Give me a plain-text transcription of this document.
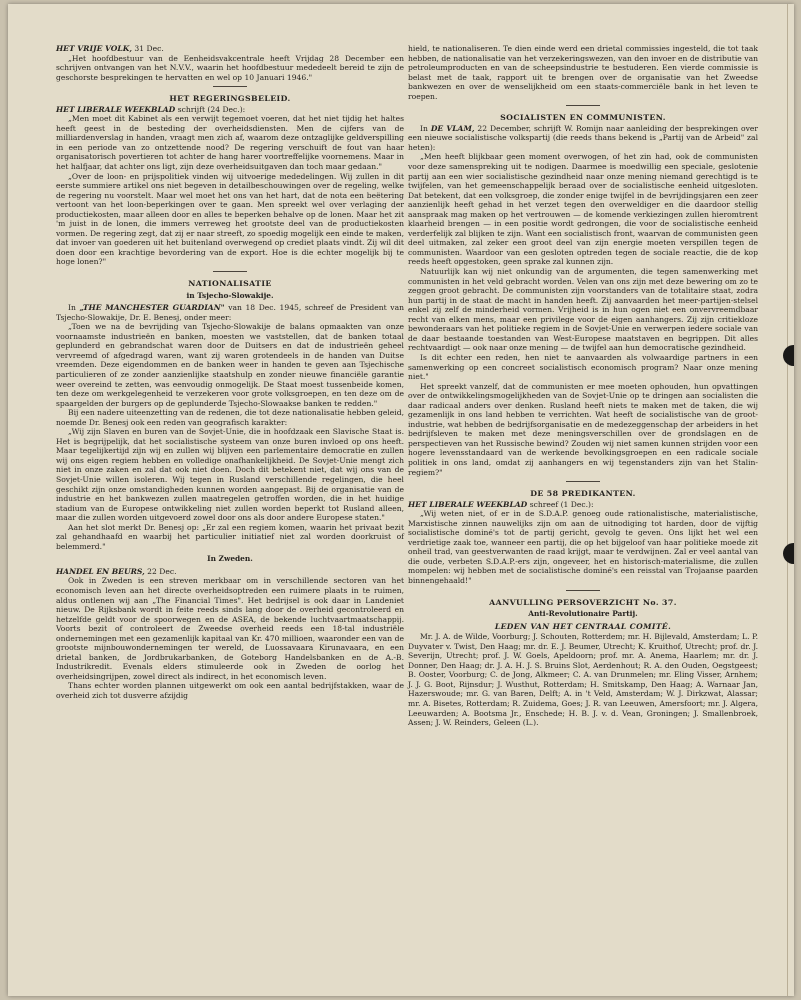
HET VRIJE VOLK, 31 Dec.

„Het hoofdbestuur van de Eenheidsvakcentrale heeft Vrijdag 28 December een schrijven ontvangen van het N.V.V., waarin het hoofdbestuur mededeelt bereid te zijn de geschorste besprekingen te hervatten en wel op 10 Januari 1946."

HET REGERINGSBELEID.

HET LIBERALE WEEKBLAD schrijft (24 Dec.):

„Men moet dit Kabinet als een verwijt tegemoet voeren, dat het niet tijdig het haltes heeft geest in de besteding der overheidsdiensten. Men de cijfers van de milliardenverslag in handen, vraagt men zich af, waarom deze ontzaglijke geldverspilling in een periode van zo ontzettende nood? De regering verschuift de fout van haar organisatorisch povertieren tot achter de hang harer voortreffelijke voornemens. Maar in het halfjaar, dat achter ons ligt, zijn deze overheidsuitgaven dan toch maar gedaan."

„Over de loon- en prijspolitiek vinden wij uitvoerige mededelingen. Wij zullen in dit eerste summiere artikel ons niet begeven in detailbeschouwingen over de regeling, welke de regering nu voorstelt. Maar wel moet het ons van het hart, dat de nota een beëtering vertoont van het loon-beperkingen over te gaan. Men spreekt wel over verlaging der productiekosten, maar alleen door en alles te beperken behalve op de lonen. Maar het zit 'm juist in de lonen, die immers verreweg het grootste deel van de productiekosten vormen. De regering zegt, dat zij er naar streeft, zo spoedig mogelijk een einde te maken, dat invoer van goederen uit het buitenland overwegend op crediet plaats vindt. Zij wil dit doen door een krachtige bevordering van de export. Hoe is die echter mogelijk bij te hoge lonen?"

NATIONALISATIE
in Tsjecho-Slowakije.

In „THE MANCHESTER GUARDIAN" van 18 Dec. 1945, schreef de President van Tsjecho-Slowakije, Dr. E. Benesj, onder meer:

„Toen we na de bevrijding van Tsjecho-Slowakije de balans opmaakten van onze voornaamste industrieën en banken, moesten we vaststellen, dat de banken totaal geplunderd en gebrandschat waren door de Duitsers en dat de industrieën geheel vervreemd of afgedragd waren, want zij waren grotendeels in de handen van Duitse vreemden. Deze eigendommen en de banken weer in handen te geven aan Tsjechische particulieren of ze zonder aanzienlijke staatshulp en zonder nieuwe financiële garantie weer overeind te zetten, was eenvoudig onmogelijk. De Staat moest tussenbeide komen, ten deze om werkgelegenheid te verzekeren voor grote volksgroepen, en ten deze om de spaargelden der burgers op de geplunderde Tsjecho-Slowaakse banken te redden."

Bij een nadere uiteenzetting van de redenen, die tot deze nationalisatie hebben geleid, noemde Dr. Benesj ook een reden van geografisch karakter:

„Wij zijn Slaven en buren van de Sovjet-Unie, die in hoofdzaak een Slavische Staat is. Het is begrijpelijk, dat het socialistische systeem van onze buren invloed op ons heeft. Maar tegelijkertijd zijn wij en zullen wij blijven een parlementaire democratie en zullen wij ons eigen regiem hebben en volledige onafhankelijkheid. De Sovjet-Unie mengt zich niet in onze zaken en zal dat ook niet doen. Doch dit betekent niet, dat wij ons van de Sovjet-Unie willen isoleren. Wij tegen in Rusland verschillende regelingen, die heel geschikt zijn onze omstandigheden kunnen worden aangepast. Bij de organisatie van de industrie en het bankwezen zullen maatregelen getroffen worden, die in het huidige stadium van de Europese ontwikkeling niet zullen worden beperkt tot Rusland alleen, maar die zullen worden uitgevoerd zowel door ons als door andere Europese staten."

Aan het slot merkt Dr. Benesj op: „Er zal een regiem komen, waarin het privaat bezit zal gehandhaafd en waarbij het particulier initiatief niet zal worden doorkruist of belemmerd."

In Zweden.

HANDEL EN BEURS, 22 Dec.

Ook in Zweden is een streven merkbaar om in verschillende sectoren van het economisch leven aan het directe overheidsoptreden een ruimere plaats in te ruimen, aldus ontlenen wij aan „The Financial Times". Het bedrijsel is ook daar in Landeniet nieuw. De Rijksbank wordt in feite reeds sinds lang door de overheid gecontroleerd en hetzelfde geldt voor de spoorwegen en de ASEA, de bekende luchtvaartmaatschappij. Voorts bezit of controleert de Zweedse overheid reeds een 18-tal industriële ondernemingen met een gezamenlijk kapitaal van Kr. 470 millioen, waaronder een van de grootste mijnbouwondernemingen ter wereld, de Luossavaara Kirunavaara, en een drietal banken, de Jordbrukarbanken, de Goteborg Handelsbanken en de A.-B. Industrikredit. Evenals elders stimuleerde ook in Zweden de oorlog het overheidsingrijpen, zowel direct als indirect, in het economisch leven.

Thans echter worden plannen uitgewerkt om ook een aantal bedrijfstakken, waar de overheid zich tot dusverre afzijdig

hield, te nationaliseren. Te dien einde werd een drietal commissies ingesteld, die tot taak hebben, de nationalisatie van het verzekeringswezen, van den invoer en de distributie van petroleumproducten en van de scheepsindustrie te bestuderen. Een vierde commissie is belast met de taak, rapport uit te brengen over de organisatie van het Zweedse bankwezen en over de wenselijkheid om een staats-commerciële bank in het leven te roepen.

SOCIALISTEN EN COMMUNISTEN.

In DE VLAM, 22 December, schrijft W. Romijn naar aanleiding der besprekingen over een nieuwe socialistische volkspartij (die reeds thans bekend is „Partij van de Arbeid" zal heten):

„Men heeft blijkbaar geen moment overwogen, of het zin had, ook de communisten voor deze samenspreking uit te nodigen. Daarmee is moedwillig een speciale, geslotenie partij aan een wier socialistische gezindheid naar onze mening niemand gerechtigd is te twijfelen, van het gemeenschappelijk beraad over de socialistische eenheid uitgesloten. Dat betekent, dat een volksgroep, die zonder enige twijfel in de bevrijdingsjaren een zeer aanzienlijk heeft gehad in het verzet tegen den overweldiger en die daardoor stellig aanspraak mag maken op het vertrouwen — de komende verkiezingen zullen hieromtrent klaarheid brengen — in een positie wordt gedrongen, die voor de socialistische eenheid verderfelijk zal blijken te zijn. Want een socialistisch front, waarvan de communisten geen deel uitmaken, zal zeker een groot deel van zijn energie moeten verspillen tegen de communisten. Waardoor van een gesloten optreden tegen de sociale reactie, die de kop reeds heeft opgestoken, geen sprake zal kunnen zijn.

Natuurlijk kan wij niet onkundig van de argumenten, die tegen samenwerking met communisten in het veld gebracht worden. Velen van ons zijn met deze bewering om zo te zeggen groot gebracht. De communisten zijn voorstanders van de totalitaire staat, zodra hun partij in de staat de macht in handen heeft. Zij aanvaarden het meer-partijen-stelsel enkel zij zelf de minderheid vormen. Vrijheid is in hun ogen niet een onvervreemdbaar recht van elken mens, maar een privilege voor de eigen aanhangers. Zij zijn critiekloze bewonderaars van het politieke regiem in de Sovjet-Unie en verwerpen iedere sociale van de daar bestaande toestanden van West-Europese maatstaven en begrippen. Dit alles rechtvaardigt — ook naar onze mening — de twijfel aan hun democratische gezindheid.

Is dit echter een reden, hen niet te aanvaarden als volwaardige partners in een samenwerking op een concreet socialistisch economisch program? Naar onze mening niet."

Het spreekt vanzelf, dat de communisten er mee moeten ophouden, hun opvattingen over de ontwikkelingsmogelijkheden van de Sovjet-Unie op te dringen aan socialisten die daar radicaal anders over denken. Rusland heeft niets te maken met de taken, die wij gezamenlijk in ons land hebben te verrichten. Wat heeft de socialistische van de groot-industrie, wat hebben de bedrijfsorganisatie en de medezeggenschap der arbeiders in het bedrijfsleven te maken met deze meningsverschillen over de grondslagen en de perspectieven van het Russische bewind? Zouden wij niet samen kunnen strijden voor een hogere levensstandaard van de werkende bevolkingsgroepen en een radicale sociale politiek in ons land, omdat zij aanhangers en wij tegenstanders zijn van het Stalin-regiem?"

DE 58 PREDIKANTEN.

HET LIBERALE WEEKBLAD schreef (1 Dec.):

„Wij weten niet, of er in de S.D.A.P. genoeg oude rationalistische, materialistische, Marxistische zinnen nauwelijks zijn om aan de uitnodiging tot harden, door de vijftig socialistische dominé's tot de partij gericht, gevolg te geven. Ons lijkt het wel een verdrietige zaak toe, wanneer een partij, die op het bijgeloof van haar politieke moede zit onheil trad, van geestverwanten de raad krijgt, maar te verdwijnen. Zal er veel aantal van die oude, verbeten S.D.A.P.-ers zijn, ongeveer, het en historisch-materialisme, die zullen mompelen: wij hebben met de socialistische dominé's een reisstal van Trojaanse paarden binnengehaald!"

AANVULLING PERSOVERZICHT No. 37.
Anti-Revolutionaire Partij.
LEDEN VAN HET CENTRAAL COMITÉ.

Mr. J. A. de Wilde, Voorburg; J. Schouten, Rotterdem; mr. H. Bijlevald, Amsterdam; L. P. Duyvater v. Twist, Den Haag; mr. dr. E. J. Beumer, Utrecht; K. Kruithof, Utrecht; prof. dr. J. Severijn, Utrecht; prof. J. W. Goels, Apeldoorn; prof. mr. A. Anema, Haarlem; mr. dr. J. Donner, Den Haag; dr. J. A. H. J. S. Bruins Slot, Aerdenhout; R. A. den Ouden, Oegstgeest; B. Ooster, Voorburg; C. de Jong, Alkmeer; C. A. van Drunmelen; mr. Eling Visser, Arnhem; J. J. G. Boot, Rijnsdur; J. Wusthut, Rotterdam; H. Smitskamp, Den Haag; A. Warnaar Jan, Hazerswoude; mr. G. van Baren, Delft; A. in 't Veld, Amsterdam; W. J. Dirkzwat, Alassar; mr. A. Bisetes, Rotterdam; R. Zuidema, Goes; J. R. van Leeuwen, Amersfoort; mr. J. Algera, Leeuwarden; A. Bootsma Jr., Enschede; H. B. J. v. d. Vean, Groningen; J. Smallenbroek, Assen; J. W. Reinders, Geleen (L.).
